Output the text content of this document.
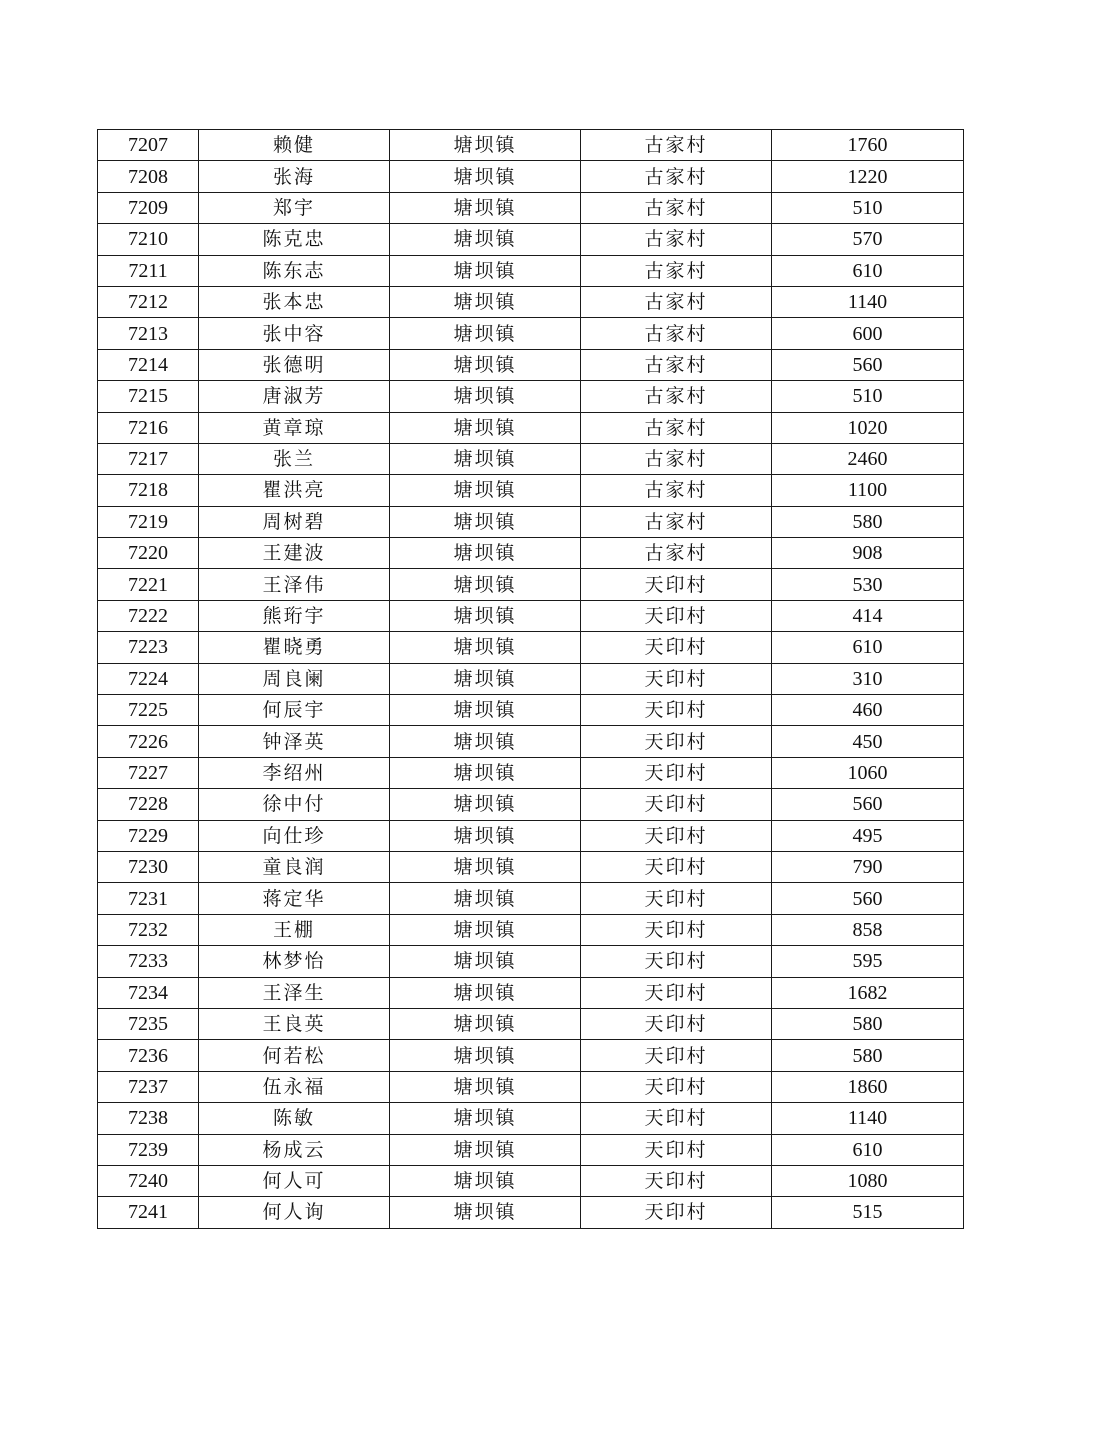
7207	赖健	塘坝镇	古家村	1760
7208	张海	塘坝镇	古家村	1220
7209	郑宇	塘坝镇	古家村	510
7210	陈克忠	塘坝镇	古家村	570
7211	陈东志	塘坝镇	古家村	610
7212	张本忠	塘坝镇	古家村	1140
7213	张中容	塘坝镇	古家村	600
7214	张德明	塘坝镇	古家村	560
7215	唐淑芳	塘坝镇	古家村	510
7216	黄章琼	塘坝镇	古家村	1020
7217	张兰	塘坝镇	古家村	2460
7218	瞿洪亮	塘坝镇	古家村	1100
7219	周树碧	塘坝镇	古家村	580
7220	王建波	塘坝镇	古家村	908
7221	王泽伟	塘坝镇	天印村	530
7222	熊珩宇	塘坝镇	天印村	414
7223	瞿晓勇	塘坝镇	天印村	610
7224	周良阑	塘坝镇	天印村	310
7225	何辰宇	塘坝镇	天印村	460
7226	钟泽英	塘坝镇	天印村	450
7227	李绍州	塘坝镇	天印村	1060
7228	徐中付	塘坝镇	天印村	560
7229	向仕珍	塘坝镇	天印村	495
7230	童良润	塘坝镇	天印村	790
7231	蒋定华	塘坝镇	天印村	560
7232	王棚	塘坝镇	天印村	858
7233	林梦怡	塘坝镇	天印村	595
7234	王泽生	塘坝镇	天印村	1682
7235	王良英	塘坝镇	天印村	580
7236	何若松	塘坝镇	天印村	580
7237	伍永福	塘坝镇	天印村	1860
7238	陈敏	塘坝镇	天印村	1140
7239	杨成云	塘坝镇	天印村	610
7240	何人可	塘坝镇	天印村	1080
7241	何人询	塘坝镇	天印村	515
